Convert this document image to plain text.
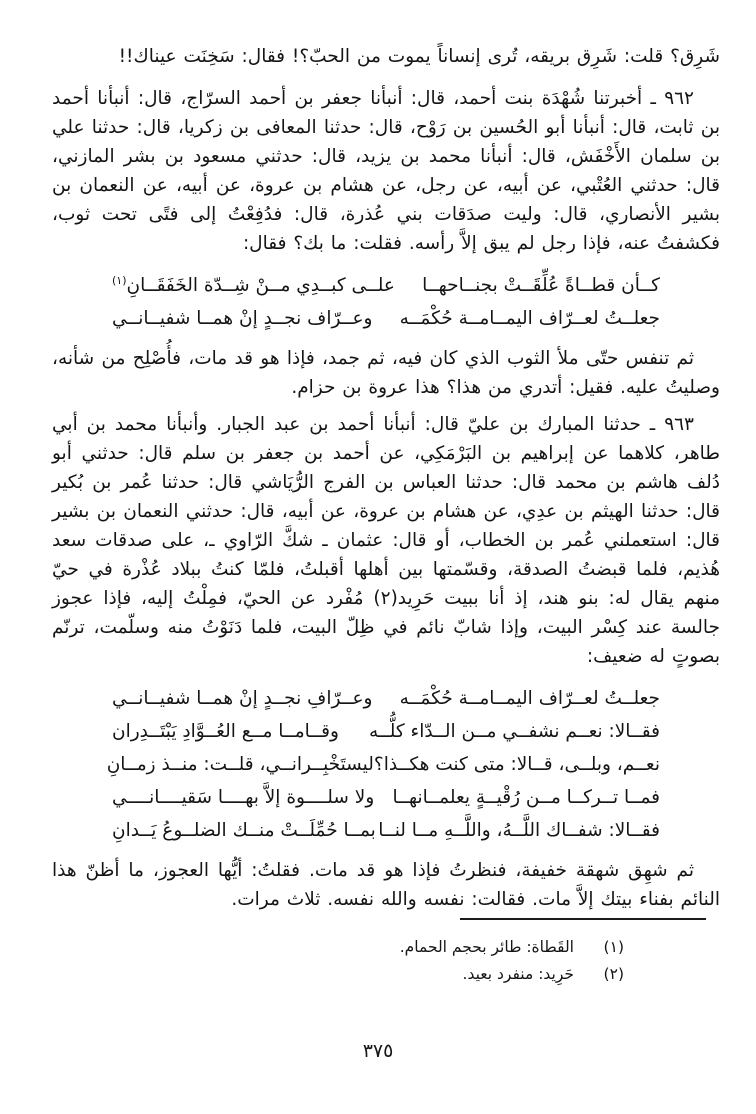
شَرِق؟ قلت: شَرِق بريقه، تُرى إنساناً يموت من الحبّ؟! فقال: سَخِنَت عيناك!!

٩٦٢ ـ أخبرتنا شُهْدَة بنت أحمد، قال: أنبأنا جعفر بن أحمد السرّاج، قال: أنبأنا أحمد بن ثابت، قال: أنبأنا أبو الحُسين بن رَوْح، قال: حدثنا المعافى بن زكريا، قال: حدثنا علي بن سلمان الأَخْفَش، قال: أنبأنا محمد بن يزيد، قال: حدثني مسعود بن بشر المازني، قال: حدثني العُتْبي، عن أبيه، عن رجل، عن هشام بن عروة، عن أبيه، عن النعمان بن بشير الأنصاري، قال: وليت صدَقات بني عُذرة، قال: فدُفِعْتُ إلى فتًى تحت ثوب، فكشفتُ عنه، فإذا رجل لم يبق إلاَّ رأسه. فقلت: ما بك؟ فقال:

كــأن قطــاةً عُلِّقَــتْ بجنــاحهــا
علــى كبــدِي مــنْ شِــدّة الخَفَقَــانِ$^{(١)}$
جعلــتُ لعــرّاف اليمــامــة حُكْمَــه
وعــرّاف نجــدٍ إنْ همــا شفيــانــي

ثم تنفس حتّى ملأ الثوب الذي كان فيه، ثم جمد، فإذا هو قد مات، فأُصْلِح من شأنه، وصليتُ عليه. فقيل: أتدري من هذا؟ هذا عروة بن حزام.

٩٦٣ ـ حدثنا المبارك بن عليّ قال: أنبأنا أحمد بن عبد الجبار. وأنبأنا محمد بن أبي طاهر، كلاهما عن إبراهيم بن البَرْمَكِي، عن أحمد بن جعفر بن سلم قال: حدثني أبو دُلف هاشم بن محمد قال: حدثنا العباس بن الفرج الرُّيَاشي قال: حدثنا عُمر بن بُكير قال: حدثنا الهيثم بن عدِي، عن هشام بن عروة، عن أبيه، قال: حدثني النعمان بن بشير قال: استعملني عُمر بن الخطاب، أو قال: عثمان ـ شكَّ الرّاوي ـ، على صدقات سعد هُذيم، فلما قبضتُ الصدقة، وقسّمتها بين أهلها أقبلتُ، فلمّا كنتُ ببلاد عُذْرة في حيّ منهم يقال له: بنو هند، إذ أنا ببيت حَرِيد(٢) مُفْرد عن الحيّ، فمِلْتُ إليه، فإذا عجوز جالسة عند كِسْر البيت، وإذا شابّ نائم في ظِلّ البيت، فلما دَنَوْتُ منه وسلّمت، ترنّم بصوتٍ له ضعيف:

جعلــتُ لعــرّاف اليمــامــة حُكْمَــه
وعــرّافِ نجــدٍ إنْ همــا شفيــانــي
فقــالا: نعــم نشفــي مــن الــدّاء كلُّــه
وقــامــا مــع العُــوَّادِ يَبْتَــدِران
نعــم، وبلــى، قــالا: متى كنت هكــذا؟
ليستَخْبِــرانــي، قلــت: منــذ زمــانِ
فمــا تــركــا مــن رُقْيــةٍ يعلمــانهــا
ولا سلــــوة إلاَّ بهــــا سَقيــــانــــي
فقــالا: شفــاك اللَّــهُ، واللَّــهِ مــا لنــا
بمــا حُمِّلَــتْ منــك الضلــوعُ يَــدانِ

ثم شهِق شهقة خفيفة، فنظرتُ فإذا هو قد مات. فقلتُ: أيُّها العجوز، ما أظنّ هذا النائم بفناء بيتك إلاَّ مات. فقالت: نفسه والله نفسه. ثلاث مرات.

(١)
القَطاة: طائر بحجم الحمام.
(٢)
حَرِيد: منفرد بعيد.
٣٧٥
